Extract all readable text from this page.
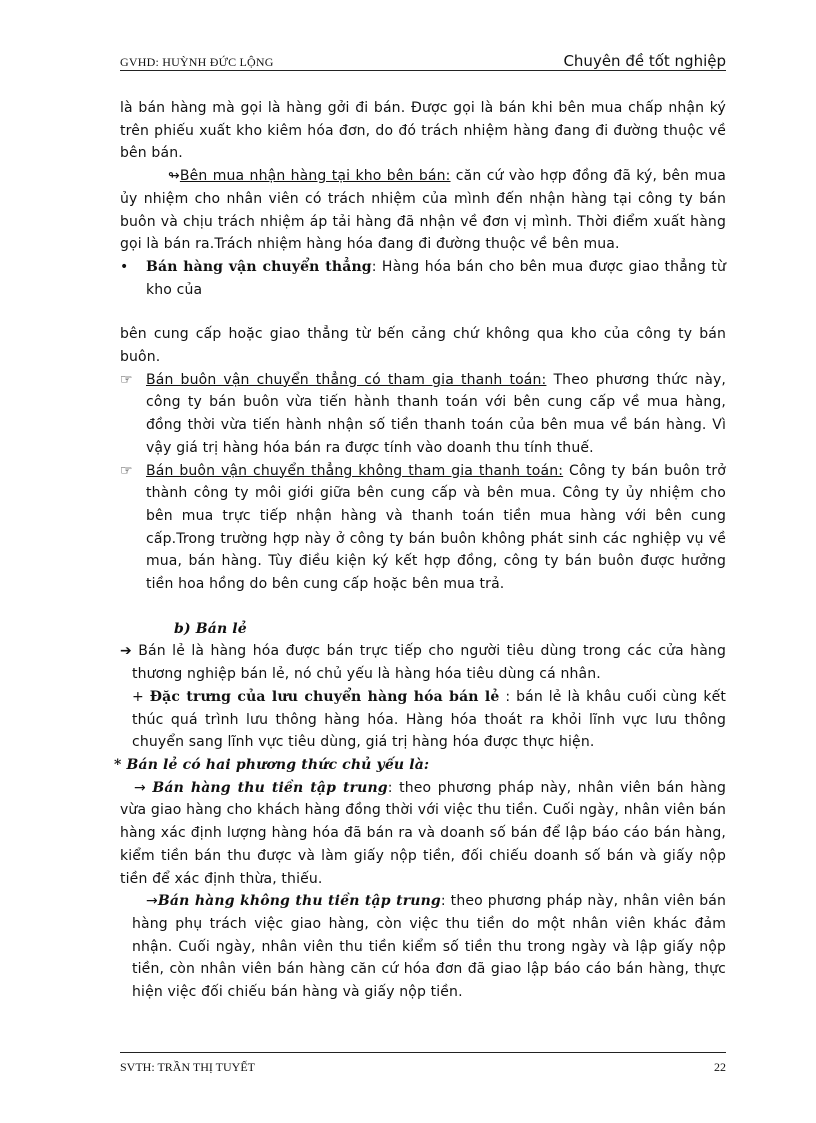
GVHD: HUỲNH ĐỨC LỘNG	Chuyên đề tốt nghiệp

là bán hàng mà gọi là hàng gởi đi bán. Được gọi là bán khi bên mua chấp nhận ký trên phiếu xuất kho kiêm hóa đơn, do đó trách nhiệm hàng đang đi đường thuộc về bên bán.

↬Bên mua nhận hàng tại kho bên bán: căn cứ vào hợp đồng đã ký, bên mua ủy nhiệm cho nhân viên có trách nhiệm của mình đến nhận hàng tại công ty bán buôn và chịu trách nhiệm áp tải hàng đã nhận về đơn vị mình. Thời điểm xuất hàng gọi là bán ra.Trách nhiệm hàng hóa đang đi đường thuộc về bên mua.

• Bán hàng vận chuyển thẳng: Hàng hóa bán cho bên mua được giao thẳng từ kho của

bên cung cấp hoặc giao thẳng từ bến cảng chứ không qua kho của công ty bán buôn.

☞ Bán buôn vận chuyển thẳng có tham gia thanh toán: Theo phương thức này, công ty bán buôn vừa tiến hành thanh toán với bên cung cấp về mua hàng, đồng thời vừa tiến hành nhận số tiền thanh toán của bên mua về bán hàng. Vì vậy giá trị hàng hóa bán ra được tính vào doanh thu tính thuế.

☞ Bán buôn vận chuyển thẳng không tham gia thanh toán: Công ty bán buôn trở thành công ty môi giới giữa bên cung cấp và bên mua. Công ty ủy nhiệm cho bên mua trực tiếp nhận hàng và thanh toán tiền mua hàng với bên cung cấp.Trong trường hợp này ở công ty bán buôn không phát sinh các nghiệp vụ về mua, bán hàng. Tùy điều kiện ký kết hợp đồng, công ty bán buôn được hưởng tiền hoa hồng do bên cung cấp hoặc bên mua trả.

b) Bán lẻ

➔ Bán lẻ là hàng hóa được bán trực tiếp cho người tiêu dùng trong các cửa hàng thương nghiệp bán lẻ, nó chủ yếu là hàng hóa tiêu dùng cá nhân.

+ Đặc trưng của lưu chuyển hàng hóa bán lẻ : bán lẻ là khâu cuối cùng kết thúc quá trình lưu thông hàng hóa. Hàng hóa thoát ra khỏi lĩnh vực lưu thông chuyển sang lĩnh vực tiêu dùng, giá trị hàng hóa được thực hiện.

* Bán lẻ có hai phương thức chủ yếu là:

→ Bán hàng thu tiền tập trung: theo phương pháp này, nhân viên bán hàng vừa giao hàng cho khách hàng đồng thời với việc thu tiền. Cuối ngày, nhân viên bán hàng xác định lượng hàng hóa đã bán ra và doanh số bán để lập báo cáo bán hàng, kiểm tiền bán thu được và làm giấy nộp tiền, đối chiếu doanh số bán và giấy nộp tiền để xác định thừa, thiếu.

→Bán hàng không thu tiền tập trung: theo phương pháp này, nhân viên bán hàng phụ trách việc giao hàng, còn việc thu tiền do một nhân viên khác đảm nhận. Cuối ngày, nhân viên thu tiền kiểm số tiền thu trong ngày và lập giấy nộp tiền, còn nhân viên bán hàng căn cứ hóa đơn đã giao lập báo cáo bán hàng, thực hiện việc đối chiếu bán hàng và giấy nộp tiền.

SVTH: TRẦN THỊ TUYẾT	22
